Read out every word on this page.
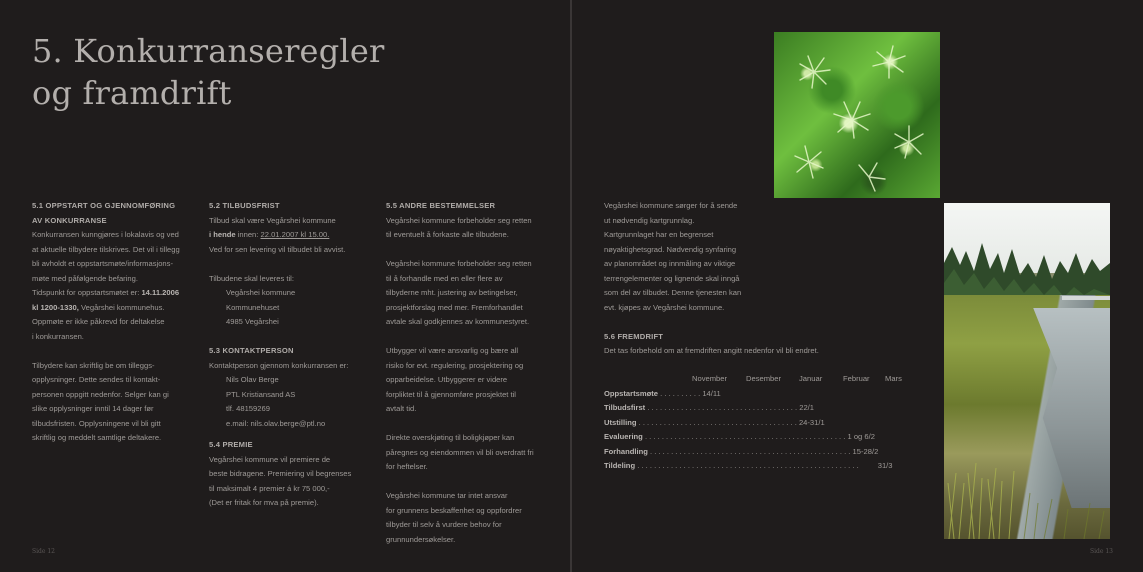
5. Konkurranseregler
og framdrift
5.1 OPPSTART OG GJENNOMFØRING
AV KONKURRANSE
Konkurransen kunngjøres i lokalavis og ved
at aktuelle tilbydere tilskrives. Det vil i tillegg
bli avholdt et oppstartsmøte/informasjons-
møte med påfølgende befaring.
Tidspunkt for oppstartsmøtet er: 14.11.2006
kl 1200-1330, Vegårshei kommunehus.
Oppmøte er ikke påkrevd for deltakelse
i konkurransen.
Tilbydere kan skriftlig be om tilleggs-
opplysninger. Dette sendes til kontakt-
personen oppgitt nedenfor. Selger kan gi
slike opplysninger inntil 14 dager før
tilbudsfristen. Opplysningene vil bli gitt
skriftlig og meddelt samtlige deltakere.
5.2 TILBUDSFRIST
Tilbud skal være Vegårshei kommune
i hende innen: 22.01.2007 kl 15.00.
Ved for sen levering vil tilbudet bli avvist.
Tilbudene skal leveres til:
Vegårshei kommune
Kommunehuset
4985 Vegårshei
5.3 KONTAKTPERSON
Kontaktperson gjennom konkurransen er:
Nils Olav Berge
PTL Kristiansand AS
tlf. 48159269
e.mail: nils.olav.berge@ptl.no
5.4 PREMIE
Vegårshei kommune vil premiere de
beste bidragene. Premiering vil begrenses
til maksimalt 4 premier á kr 75 000,-
(Det er fritak for mva på premie).
5.5 ANDRE BESTEMMELSER
Vegårshei kommune forbeholder seg retten
til eventuelt å forkaste alle tilbudene.
Vegårshei kommune forbeholder seg retten
til å forhandle med en eller flere av
tilbyderne mht. justering av betingelser,
prosjektforslag med mer. Fremforhandlet
avtale skal godkjennes av kommunestyret.
Utbygger vil være ansvarlig og bære all
risiko for evt. regulering, prosjektering og
opparbeidelse. Utbyggerer er videre
forpliktet til å gjennomføre prosjektet til
avtalt tid.
Direkte overskjøting til boligkjøper kan
påregnes og eiendommen vil bli overdratt fri
for heftelser.
Vegårshei kommune tar intet ansvar
for grunnens beskaffenhet og oppfordrer
tilbyder til selv å vurdere behov for
grunnundersøkelser.
Side 12	Side 13
Vegårshei kommune sørger for å sende
ut nødvendig kartgrunnlag.
Kartgrunnlaget har en begrenset
nøyaktighetsgrad. Nødvendig synfaring
av planområdet og innmåling av viktige
terrengelementer og lignende skal inngå
som del av tilbudet. Denne tjenesten kan
evt. kjøpes av Vegårshei kommune.
5.6 FREMDRIFT
Det tas forbehold om at fremdriften angitt nedenfor vil bli endret.
November Desember Januar	Februar Mars
Oppstartsmøte . . . . . . . . . . 14/11
Tilbudsfirst . . . . . . . . . . . . . . . . . . . . . . . . . . . . . . . . . . . . 22/1
Utstilling . . . . . . . . . . . . . . . . . . . . . . . . . . . . . . . . . . . . . . 24-31/1
Evaluering . . . . . . . . . . . . . . . . . . . . . . . . . . . . . . . . . . . . . . . . . . . . . . . . 1 og 6/2
Forhandling . . . . . . . . . . . . . . . . . . . . . . . . . . . . . . . . . . . . . . . . . . . . . . . . 15-28/2
Tildeling . . . . . . . . . . . . . . . . . . . . . . . . . . . . . . . . . . . . . . . . . . . . . . . . . . . . .         31/3
